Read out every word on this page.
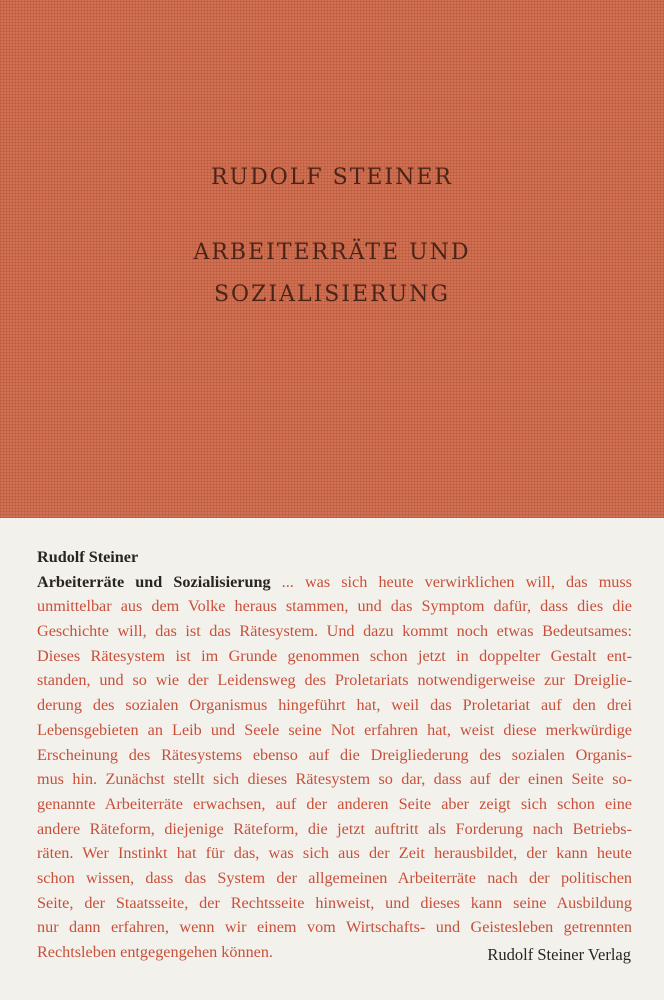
RUDOLF STEINER
ARBEITERRÄTE UND
SOZIALISIERUNG
Rudolf Steiner
Arbeiterräte und Sozialisierung ... was sich heute verwirklichen will, das muss
unmittelbar aus dem Volke heraus stammen, und das Symptom dafür, dass dies die
Geschichte will, das ist das Rätesystem. Und dazu kommt noch etwas Bedeutsames:
Dieses Rätesystem ist im Grunde genommen schon jetzt in doppelter Gestalt ent-
standen, und so wie der Leidensweg des Proletariats notwendigerweise zur Dreiglie-
derung des sozialen Organismus hingeführt hat, weil das Proletariat auf den drei
Lebensgebieten an Leib und Seele seine Not erfahren hat, weist diese merkwürdige
Erscheinung des Rätesystems ebenso auf die Dreigliederung des sozialen Organis-
mus hin. Zunächst stellt sich dieses Rätesystem so dar, dass auf der einen Seite so-
genannte Arbeiterräte erwachsen, auf der anderen Seite aber zeigt sich schon eine
andere Räteform, diejenige Räteform, die jetzt auftritt als Forderung nach Betriebs-
räten. Wer Instinkt hat für das, was sich aus der Zeit herausbildet, der kann heute
schon wissen, dass das System der allgemeinen Arbeiterräte nach der politischen
Seite, der Staatsseite, der Rechtsseite hinweist, und dieses kann seine Ausbildung
nur dann erfahren, wenn wir einem vom Wirtschafts- und Geistesleben getrennten
Rechtsleben entgegengehen können.	Rudolf Steiner Verlag
